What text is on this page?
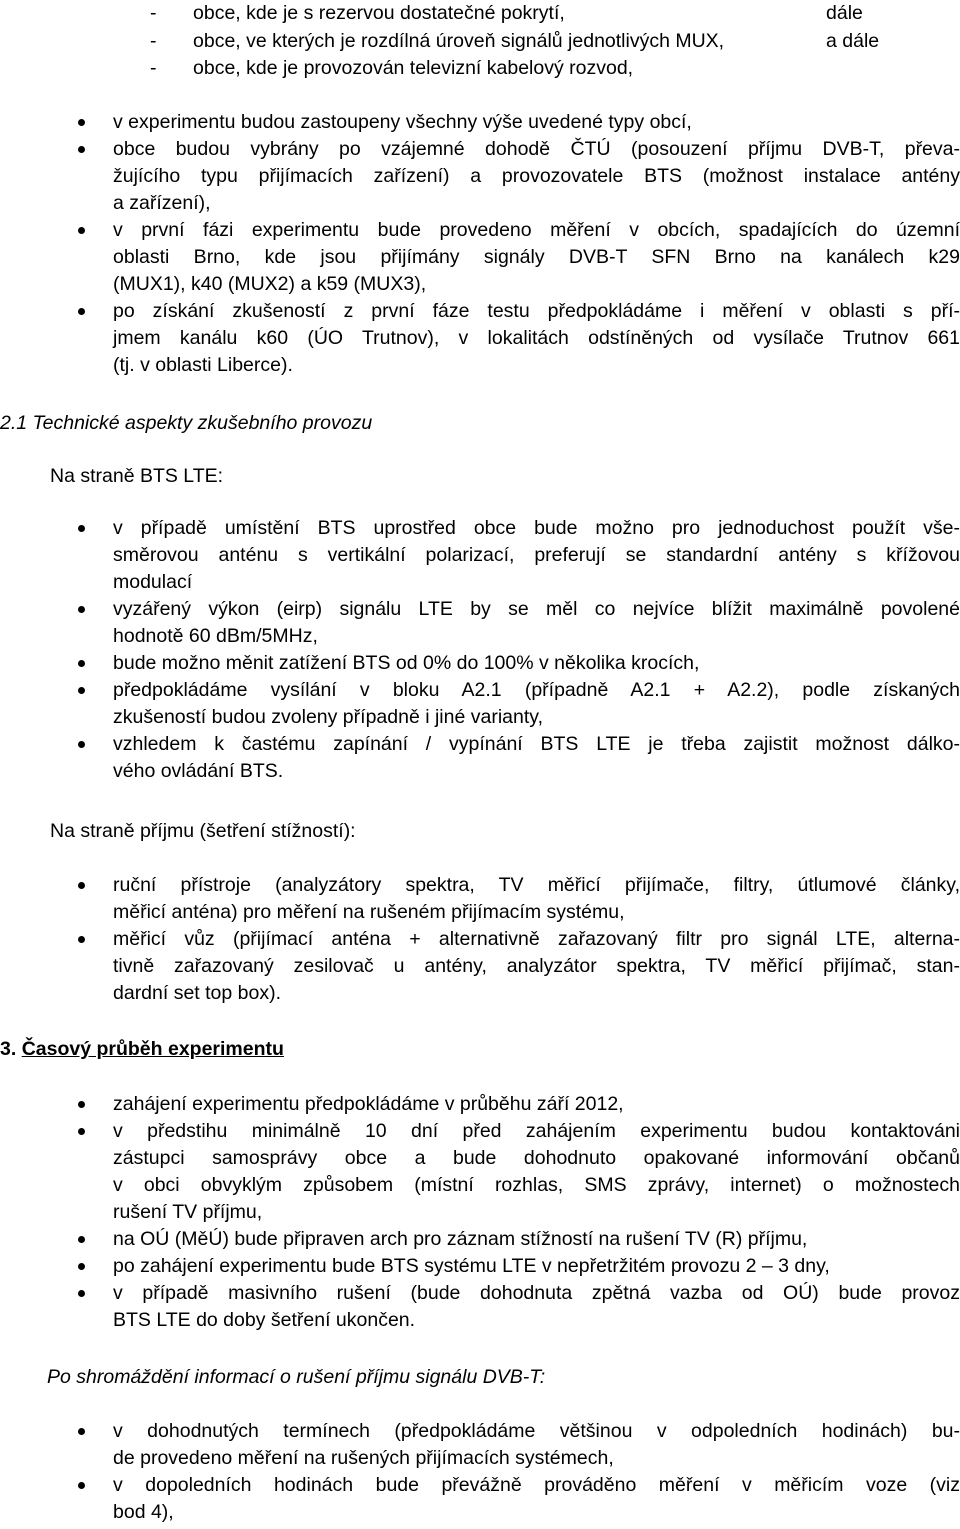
- obce, kde je s rezervou dostatečné pokrytí,	dále
- obce, ve kterých je rozdílná úroveň signálů jednotlivých MUX,	a dále
- obce, kde je provozován televizní kabelový rozvod,
v experimentu budou zastoupeny všechny výše uvedené typy obcí,
obce budou vybrány po vzájemné dohodě ČTÚ (posouzení příjmu DVB-T, převa-
žujícího typu přijímacích zařízení) a provozovatele BTS (možnost instalace antény
a zařízení),
v první fázi experimentu bude provedeno měření v obcích, spadajících do územní
oblasti Brno, kde jsou přijímány signály DVB-T SFN Brno na kanálech k29
(MUX1), k40 (MUX2) a k59 (MUX3),
po získání zkušeností z první fáze testu předpokládáme i měření v oblasti s pří-
jmem kanálu k60 (ÚO Trutnov), v lokalitách odstíněných od vysílače Trutnov 661
(tj. v oblasti Liberce).
2.1 Technické aspekty zkušebního provozu
Na straně BTS LTE:
v případě umístění BTS uprostřed obce bude možno pro jednoduchost použít vše-
směrovou anténu s vertikální polarizací, preferují se standardní antény s křížovou
modulací
vyzářený výkon (eirp) signálu LTE by se měl co nejvíce blížit maximálně povolené
hodnotě 60 dBm/5MHz,
bude možno měnit zatížení BTS od 0% do 100% v několika krocích,
předpokládáme vysílání v bloku A2.1 (případně A2.1 + A2.2), podle získaných
zkušeností budou zvoleny případně i jiné varianty,
vzhledem k častému zapínání / vypínání BTS LTE je třeba zajistit možnost dálko-
vého ovládání BTS.
Na straně příjmu (šetření stížností):
ruční přístroje (analyzátory spektra, TV měřicí přijímače, filtry, útlumové články,
měřicí anténa) pro měření na rušeném přijímacím systému,
měřicí vůz (přijímací anténa + alternativně zařazovaný filtr pro signál LTE, alterna-
tivně zařazovaný zesilovač u antény, analyzátor spektra, TV měřicí přijímač, stan-
dardní set top box).
3. Časový průběh experimentu
zahájení experimentu předpokládáme v průběhu září 2012,
v předstihu minimálně 10 dní před zahájením experimentu budou kontaktováni
zástupci samosprávy obce a bude dohodnuto opakované informování občanů
v obci obvyklým způsobem (místní rozhlas, SMS zprávy, internet) o možnostech
rušení TV příjmu,
na OÚ (MěÚ) bude připraven arch pro záznam stížností na rušení TV (R) příjmu,
po zahájení experimentu bude BTS systému LTE v nepřetržitém provozu 2 – 3 dny,
v případě masivního rušení (bude dohodnuta zpětná vazba od OÚ) bude provoz
BTS LTE do doby šetření ukončen.
Po shromáždění informací o rušení příjmu signálu DVB-T:
v dohodnutých termínech (předpokládáme většinou v odpoledních hodinách) bu-
de provedeno měření na rušených přijímacích systémech,
v dopoledních hodinách bude převážně prováděno měření v měřicím voze (viz
bod 4),
